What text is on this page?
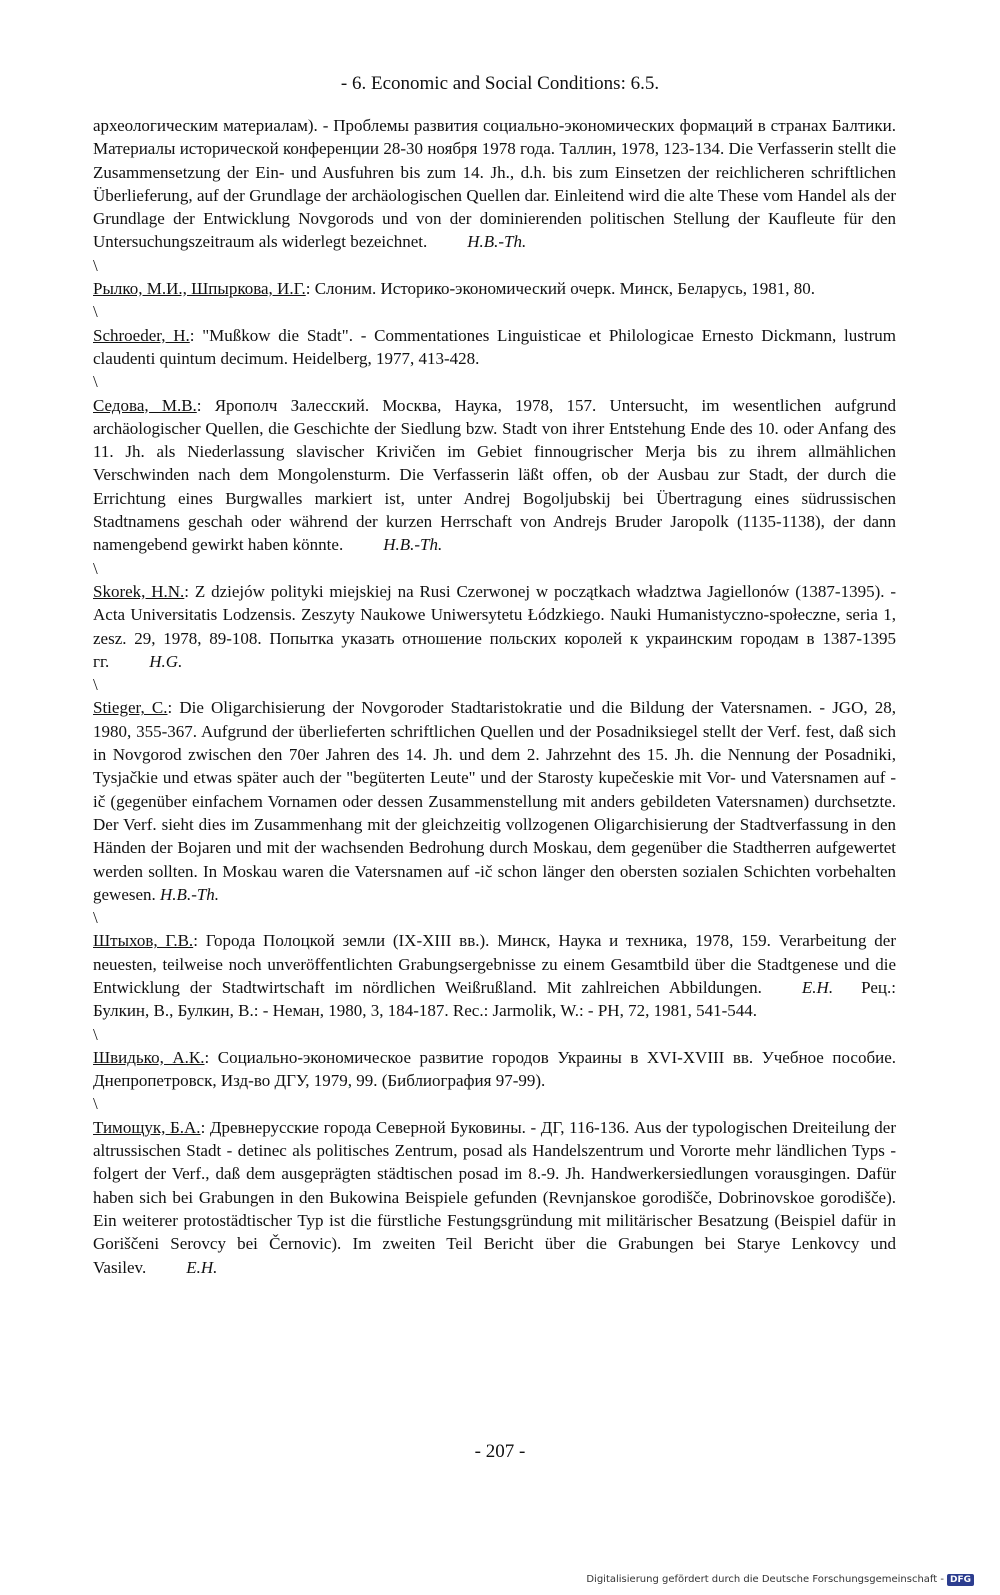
- 6. Economic and Social Conditions: 6.5.

археологическим материалам). - Проблемы развития социально-экономических формаций в странах Балтики. Материалы исторической конференции 28-30 ноября 1978 года. Таллин, 1978, 123-134. Die Verfasserin stellt die Zusammensetzung der Ein- und Ausfuhren bis zum 14. Jh., d.h. bis zum Einsetzen der reichlicheren schriftlichen Überlieferung, auf der Grundlage der archäologischen Quellen dar. Einleitend wird die alte These vom Handel als der Grundlage der Entwicklung Novgorods und von der dominierenden politischen Stellung der Kaufleute für den Untersuchungszeitraum als widerlegt bezeichnet. H.B.-Th.

\

Рылко, М.И., Шпыркова, И.Г.: Слоним. Историко-экономический очерк. Минск, Беларусь, 1981, 80.

\

Schroeder, H.: "Mußkow die Stadt". - Commentationes Linguisticae et Philologicae Ernesto Dickmann, lustrum claudenti quintum decimum. Heidelberg, 1977, 413-428.

\

Седова, М.В.: Ярополч Залесский. Москва, Наука, 1978, 157. Untersucht, im wesentlichen aufgrund archäologischer Quellen, die Geschichte der Siedlung bzw. Stadt von ihrer Entstehung Ende des 10. oder Anfang des 11. Jh. als Niederlassung slavischer Krivičen im Gebiet finnougrischer Merja bis zu ihrem allmählichen Verschwinden nach dem Mongolensturm. Die Verfasserin läßt offen, ob der Ausbau zur Stadt, der durch die Errichtung eines Burgwalles markiert ist, unter Andrej Bogoljubskij bei Übertragung eines südrussischen Stadtnamens geschah oder während der kurzen Herrschaft von Andrejs Bruder Jaropolk (1135-1138), der dann namengebend gewirkt haben könnte. H.B.-Th.

\

Skorek, H.N.: Z dziejów polityki miejskiej na Rusi Czerwonej w początkach władztwa Jagiellonów (1387-1395). - Acta Universitatis Lodzensis. Zeszyty Naukowe Uniwersytetu Łódzkiego. Nauki Humanistyczno-społeczne, seria 1, zesz. 29, 1978, 89-108. Попытка указать отношение польских королей к украинским городам в 1387-1395 гг. H.G.

\

Stieger, C.: Die Oligarchisierung der Novgoroder Stadtaristokratie und die Bildung der Vatersnamen. - JGO, 28, 1980, 355-367. Aufgrund der überlieferten schriftlichen Quellen und der Posadniksiegel stellt der Verf. fest, daß sich in Novgorod zwischen den 70er Jahren des 14. Jh. und dem 2. Jahrzehnt des 15. Jh. die Nennung der Posadniki, Tysjačkie und etwas später auch der "begüterten Leute" und der Starosty kupečeskie mit Vor- und Vatersnamen auf -ič (gegenüber einfachem Vornamen oder dessen Zusammenstellung mit anders gebildeten Vatersnamen) durchsetzte. Der Verf. sieht dies im Zusammenhang mit der gleichzeitig vollzogenen Oligarchisierung der Stadtverfassung in den Händen der Bojaren und mit der wachsenden Bedrohung durch Moskau, dem gegenüber die Stadtherren aufgewertet werden sollten. In Moskau waren die Vatersnamen auf -ič schon länger den obersten sozialen Schichten vorbehalten gewesen. H.B.-Th.

\

Штыхов, Г.В.: Города Полоцкой земли (IX-XIII вв.). Минск, Наука и техника, 1978, 159. Verarbeitung der neuesten, teilweise noch unveröffentlichten Grabungsergebnisse zu einem Gesamtbild über die Stadtgenese und die Entwicklung der Stadtwirtschaft im nördlichen Weißrußland. Mit zahlreichen Abbildungen. E.H. Рец.: Булкин, В., Булкин, В.: - Неман, 1980, 3, 184-187. Rec.: Jarmolik, W.: - PH, 72, 1981, 541-544.

\

Швидько, А.К.: Социально-экономическое развитие городов Украины в XVI-XVIII вв. Учебное пособие. Днепропетровск, Изд-во ДГУ, 1979, 99. (Библиография 97-99).

\

Тимощук, Б.А.: Древнерусские города Северной Буковины. - ДГ, 116-136. Aus der typologischen Dreiteilung der altrussischen Stadt - detinec als politisches Zentrum, posad als Handelszentrum und Vororte mehr ländlichen Typs - folgert der Verf., daß dem ausgeprägten städtischen posad im 8.-9. Jh. Handwerkersiedlungen vorausgingen. Dafür haben sich bei Grabungen in den Bukowina Beispiele gefunden (Revnjanskoe gorodišče, Dobrinovskoe gorodišče). Ein weiterer protostädtischer Typ ist die fürstliche Festungsgründung mit militärischer Besatzung (Beispiel dafür in Goriščeni Serovcy bei Černovic). Im zweiten Teil Bericht über die Grabungen bei Starye Lenkovcy und Vasilev. E.H.

- 207 -
Digitalisierung gefördert durch die Deutsche Forschungsgemeinschaft - DFG
